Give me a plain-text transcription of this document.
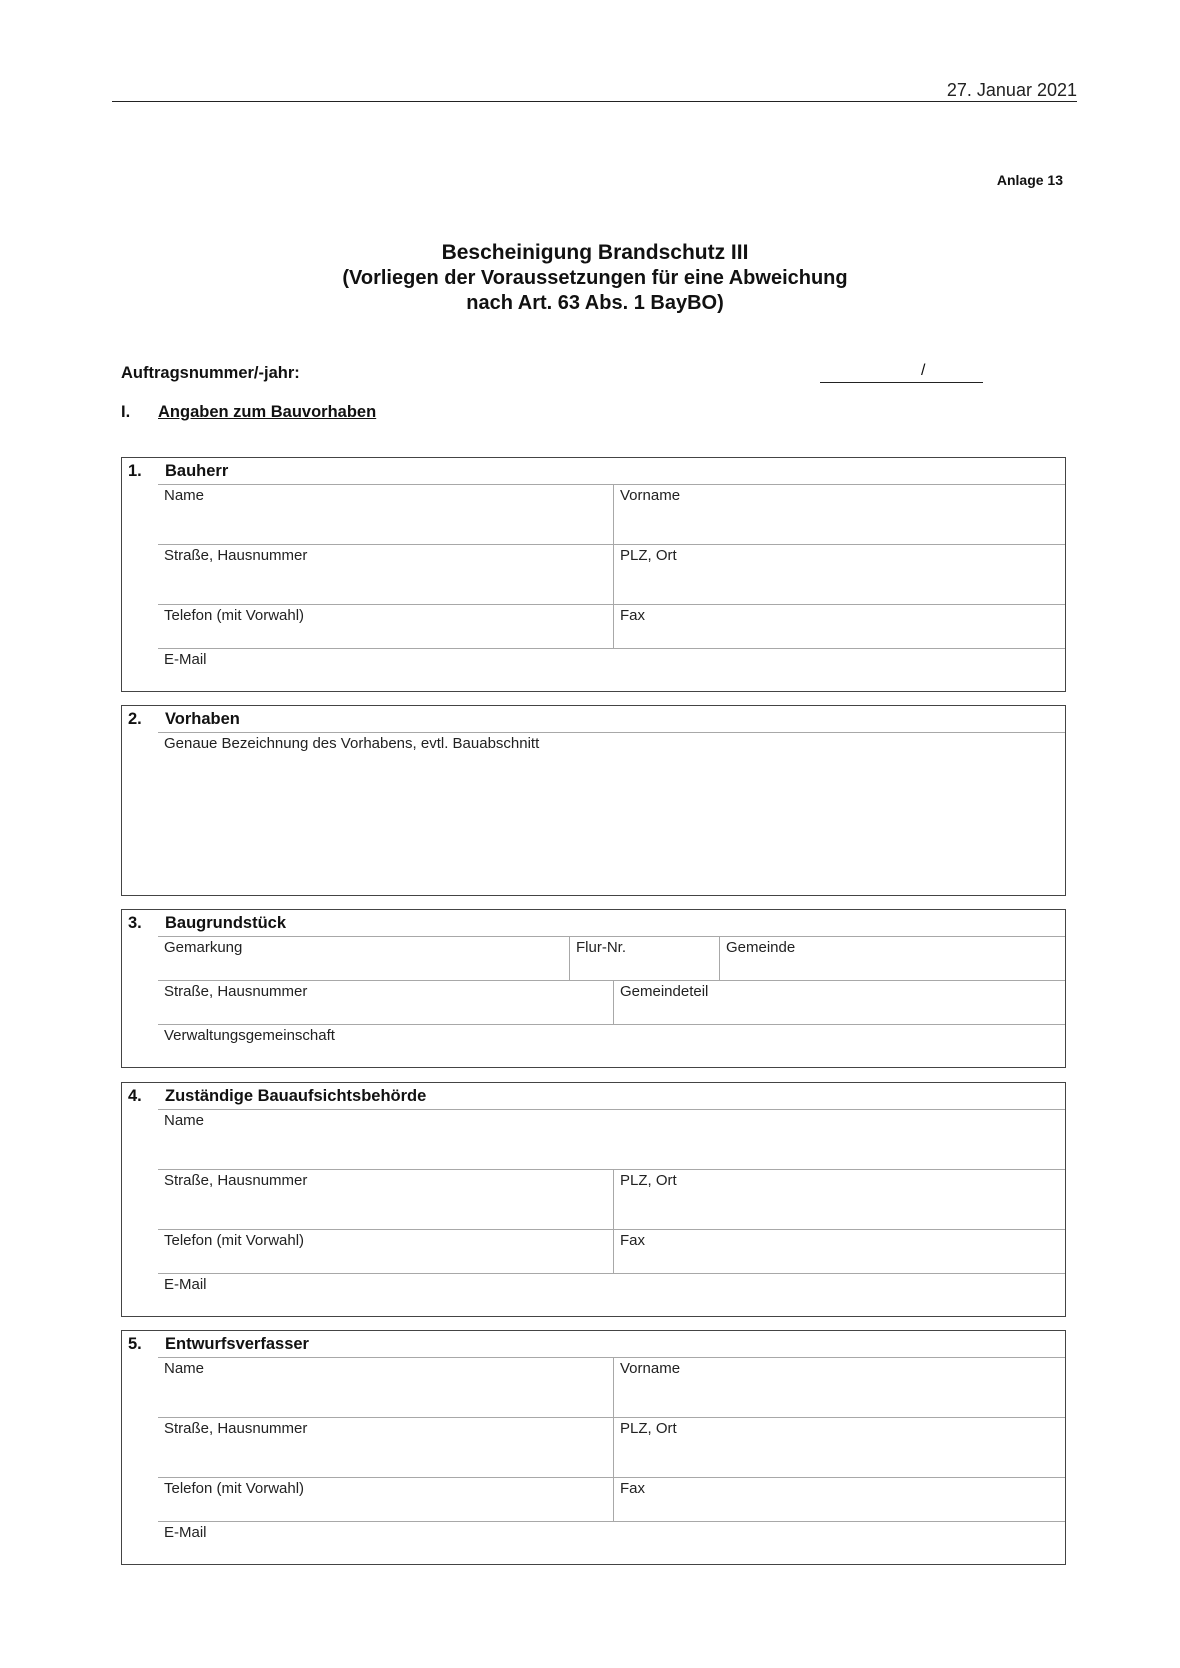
27. Januar 2021
Anlage 13
Bescheinigung Brandschutz III
(Vorliegen der Voraussetzungen für eine Abweichung
nach Art. 63 Abs. 1 BayBO)
Auftragsnummer/-jahr:	/
I. Angaben zum Bauvorhaben
1. Bauherr
Name	Vorname
Straße, Hausnummer	PLZ, Ort
Telefon (mit Vorwahl)	Fax
E-Mail
2. Vorhaben
Genaue Bezeichnung des Vorhabens, evtl. Bauabschnitt
3. Baugrundstück
Gemarkung	Flur-Nr.	Gemeinde
Straße, Hausnummer	Gemeindeteil
Verwaltungsgemeinschaft
4. Zuständige Bauaufsichtsbehörde
Name
Straße, Hausnummer	PLZ, Ort
Telefon (mit Vorwahl)	Fax
E-Mail
5. Entwurfsverfasser
Name	Vorname
Straße, Hausnummer	PLZ, Ort
Telefon (mit Vorwahl)	Fax
E-Mail
